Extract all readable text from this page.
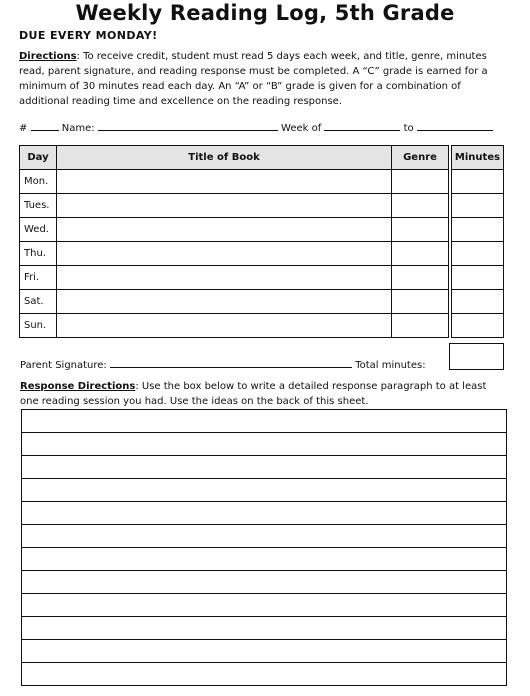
Weekly Reading Log, 5th Grade
DUE EVERY MONDAY!
Directions: To receive credit, student must read 5 days each week, and title, genre, minutes read, parent signature, and reading response must be completed. A “C” grade is earned for a minimum of 30 minutes read each day. An “A” or “B” grade is given for a combination of additional reading time and excellence on the reading response.
#	Name:	Week of	to
Day	Title of Book	Genre		Minutes
Mon.				
Tues.				
Wed.				
Thu.				
Fri.				
Sat.				
Sun.				
Parent Signature:	Total minutes:
Response Directions: Use the box below to write a detailed response paragraph to at least one reading session you had. Use the ideas on the back of this sheet.
